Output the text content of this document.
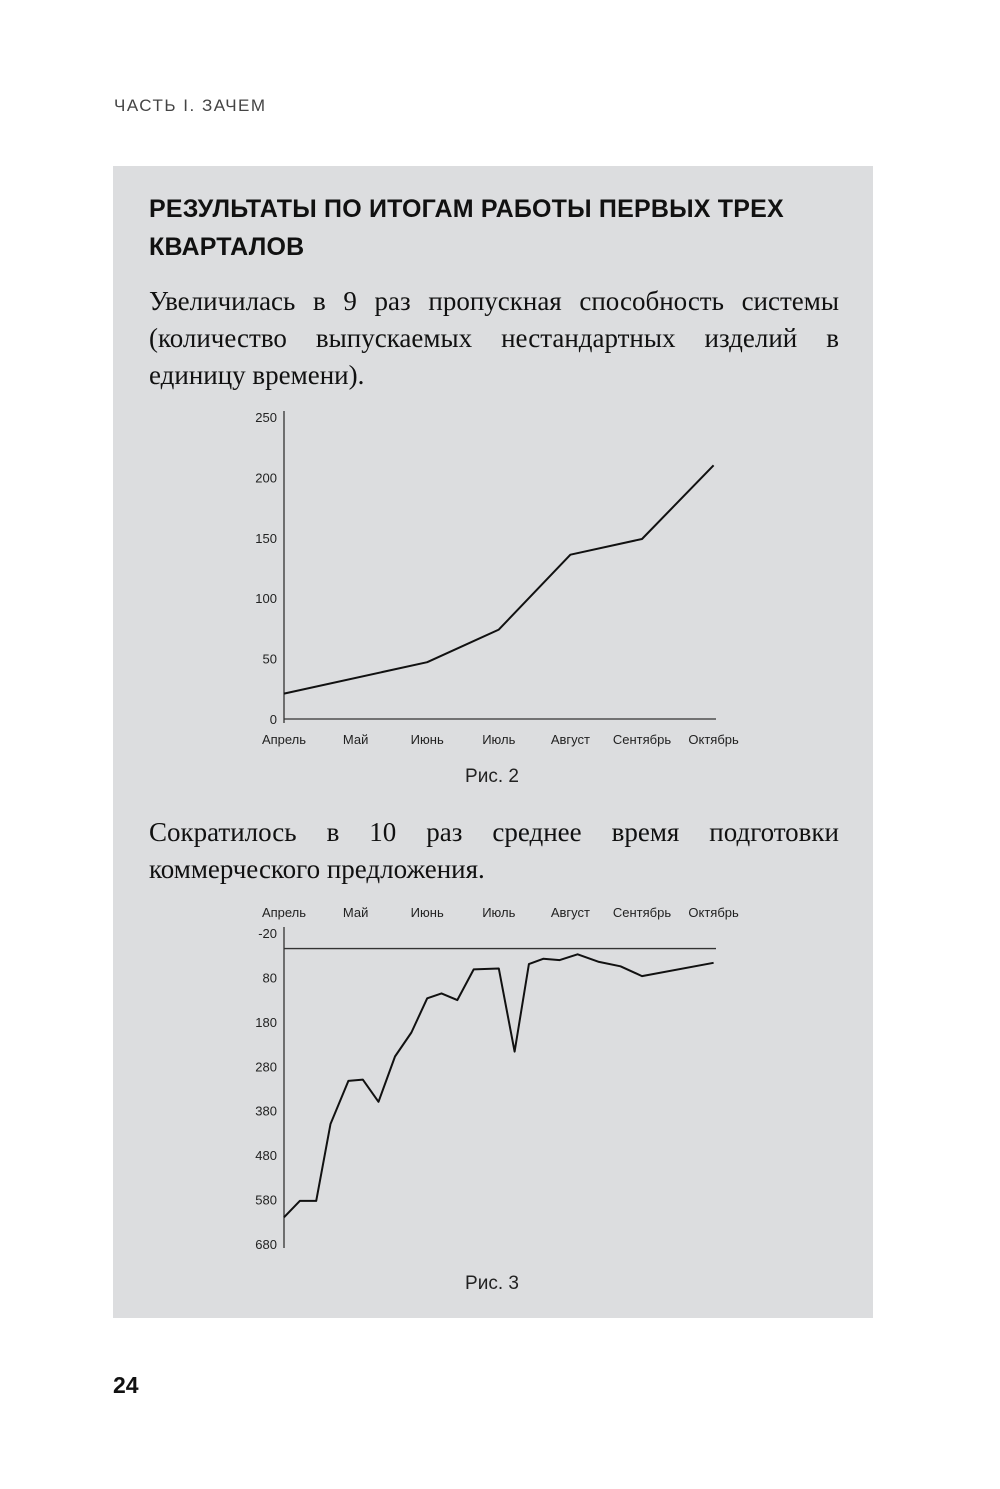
ЧАСТЬ I. ЗАЧЕМ
РЕЗУЛЬТАТЫ ПО ИТОГАМ РАБОТЫ ПЕРВЫХ ТРЕХ КВАРТАЛОВ
Увеличилась в 9 раз пропускная способность системы (количество выпускаемых нестандартных изделий в единицу времени).
0
50
100
150
200
250
Апрель	Май	Июнь	Июль	Август Сентябрь Октябрь
Рис. 2
Сократилось в 10 раз среднее время подготовки коммерческого предложения.
-20
80
180
280
380
480
580
680
Апрель	Май	Июнь	Июль	Август Сентябрь Октябрь
Рис. 3
24
